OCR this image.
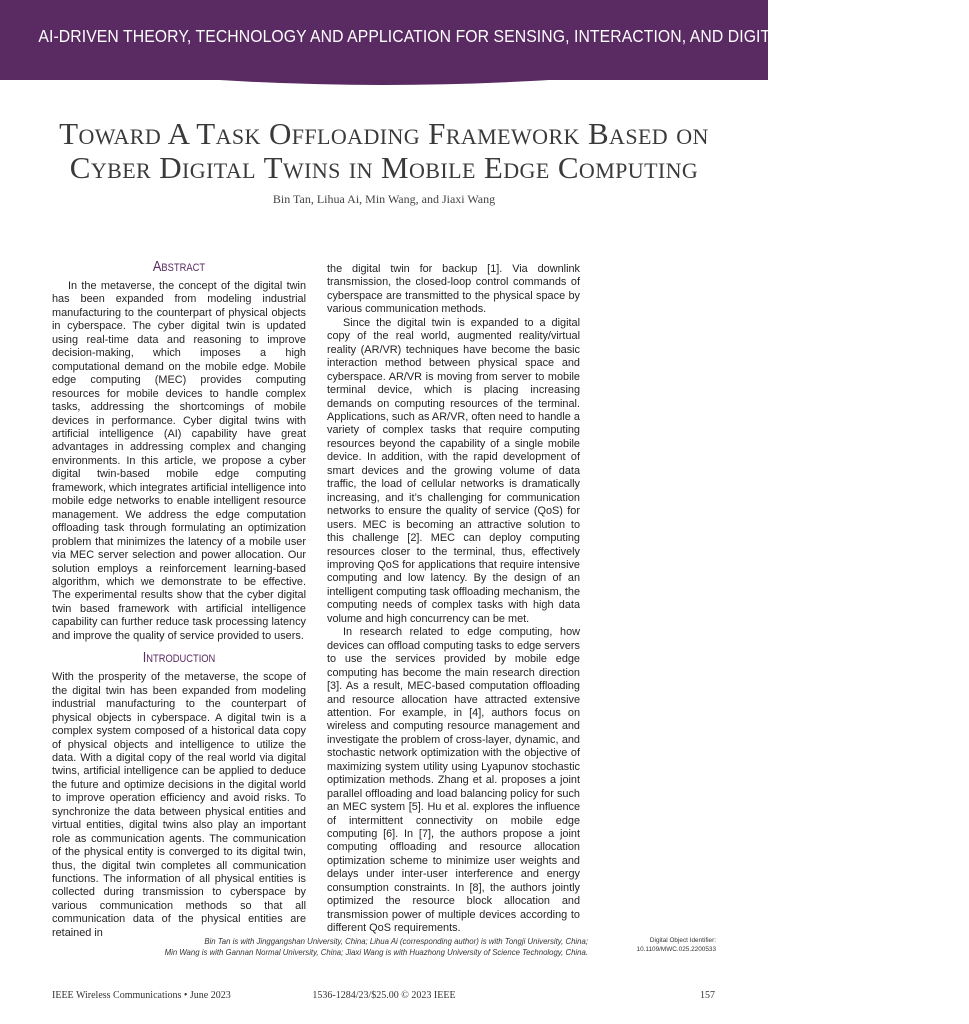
AI-DRIVEN THEORY, TECHNOLOGY AND APPLICATION FOR SENSING, INTERACTION, AND DIGITALIZATION IN THE 6G ERA
Toward A Task Offloading Framework Based on
Cyber Digital Twins in Mobile Edge Computing
Bin Tan, Lihua Ai, Min Wang, and Jiaxi Wang
Abstract

In the metaverse, the concept of the digital twin has been expanded from modeling industrial manufacturing to the counterpart of physical objects in cyberspace. The cyber digital twin is updated using real-time data and reasoning to improve decision-making, which imposes a high computational demand on the mobile edge. Mobile edge computing (MEC) provides computing resources for mobile devices to handle complex tasks, addressing the shortcomings of mobile devices in performance. Cyber digital twins with artificial intelligence (AI) capability have great advantages in addressing complex and changing environments. In this article, we propose a cyber digital twin-based mobile edge computing framework, which integrates artificial intelligence into mobile edge networks to enable intelligent resource management. We address the edge computation offloading task through formulating an optimization problem that minimizes the latency of a mobile user via MEC server selection and power allocation. Our solution employs a reinforcement learning-based algorithm, which we demonstrate to be effective. The experimental results show that the cyber digital twin based framework with artificial intelligence capability can further reduce task processing latency and improve the quality of service provided to users.

Introduction

With the prosperity of the metaverse, the scope of the digital twin has been expanded from modeling industrial manufacturing to the counterpart of physical objects in cyberspace. A digital twin is a complex system composed of a historical data copy of physical objects and intelligence to utilize the data. With a digital copy of the real world via digital twins, artificial intelligence can be applied to deduce the future and optimize decisions in the digital world to improve operation efficiency and avoid risks. To synchronize the data between physical entities and virtual entities, digital twins also play an important role as communication agents. The communication of the physical entity is converged to its digital twin, thus, the digital twin completes all communication functions. The information of all physical entities is collected during transmission to cyberspace by various communication methods so that all communication data of the physical entities are retained in

the digital twin for backup [1]. Via downlink transmission, the closed-loop control commands of cyberspace are transmitted to the physical space by various communication methods.

Since the digital twin is expanded to a digital copy of the real world, augmented reality/virtual reality (AR/VR) techniques have become the basic interaction method between physical space and cyberspace. AR/VR is moving from server to mobile terminal device, which is placing increasing demands on computing resources of the terminal. Applications, such as AR/VR, often need to handle a variety of complex tasks that require computing resources beyond the capability of a single mobile device. In addition, with the rapid development of smart devices and the growing volume of data traffic, the load of cellular networks is dramatically increasing, and it’s challenging for communication networks to ensure the quality of service (QoS) for users. MEC is becoming an attractive solution to this challenge [2]. MEC can deploy computing resources closer to the terminal, thus, effectively improving QoS for applications that require intensive computing and low latency. By the design of an intelligent computing task offloading mechanism, the computing needs of complex tasks with high data volume and high concurrency can be met.

In research related to edge computing, how devices can offload computing tasks to edge servers to use the services provided by mobile edge computing has become the main research direction [3]. As a result, MEC-based computation offloading and resource allocation have attracted extensive attention. For example, in [4], authors focus on wireless and computing resource management and investigate the problem of cross-layer, dynamic, and stochastic network optimization with the objective of maximizing system utility using Lyapunov stochastic optimization methods. Zhang et al. proposes a joint parallel offloading and load balancing policy for such an MEC system [5]. Hu et al. explores the influence of intermittent connectivity on mobile edge computing [6]. In [7], the authors propose a joint computing offloading and resource allocation optimization scheme to minimize user weights and delays under inter-user interference and energy consumption constraints. In [8], the authors jointly optimized the resource block allocation and transmission power of multiple devices according to different QoS requirements.

Bin Tan is with Jinggangshan University, China; Lihua Ai (corresponding author) is with Tongji University, China;
Min Wang is with Gannan Normal University, China; Jiaxi Wang is with Huazhong University of Science Technology, China.
Digital Object Identifier:
10.1109/MWC.025.2200533
IEEE Wireless Communications • June 2023	1536-1284/23/$25.00 © 2023 IEEE	157
